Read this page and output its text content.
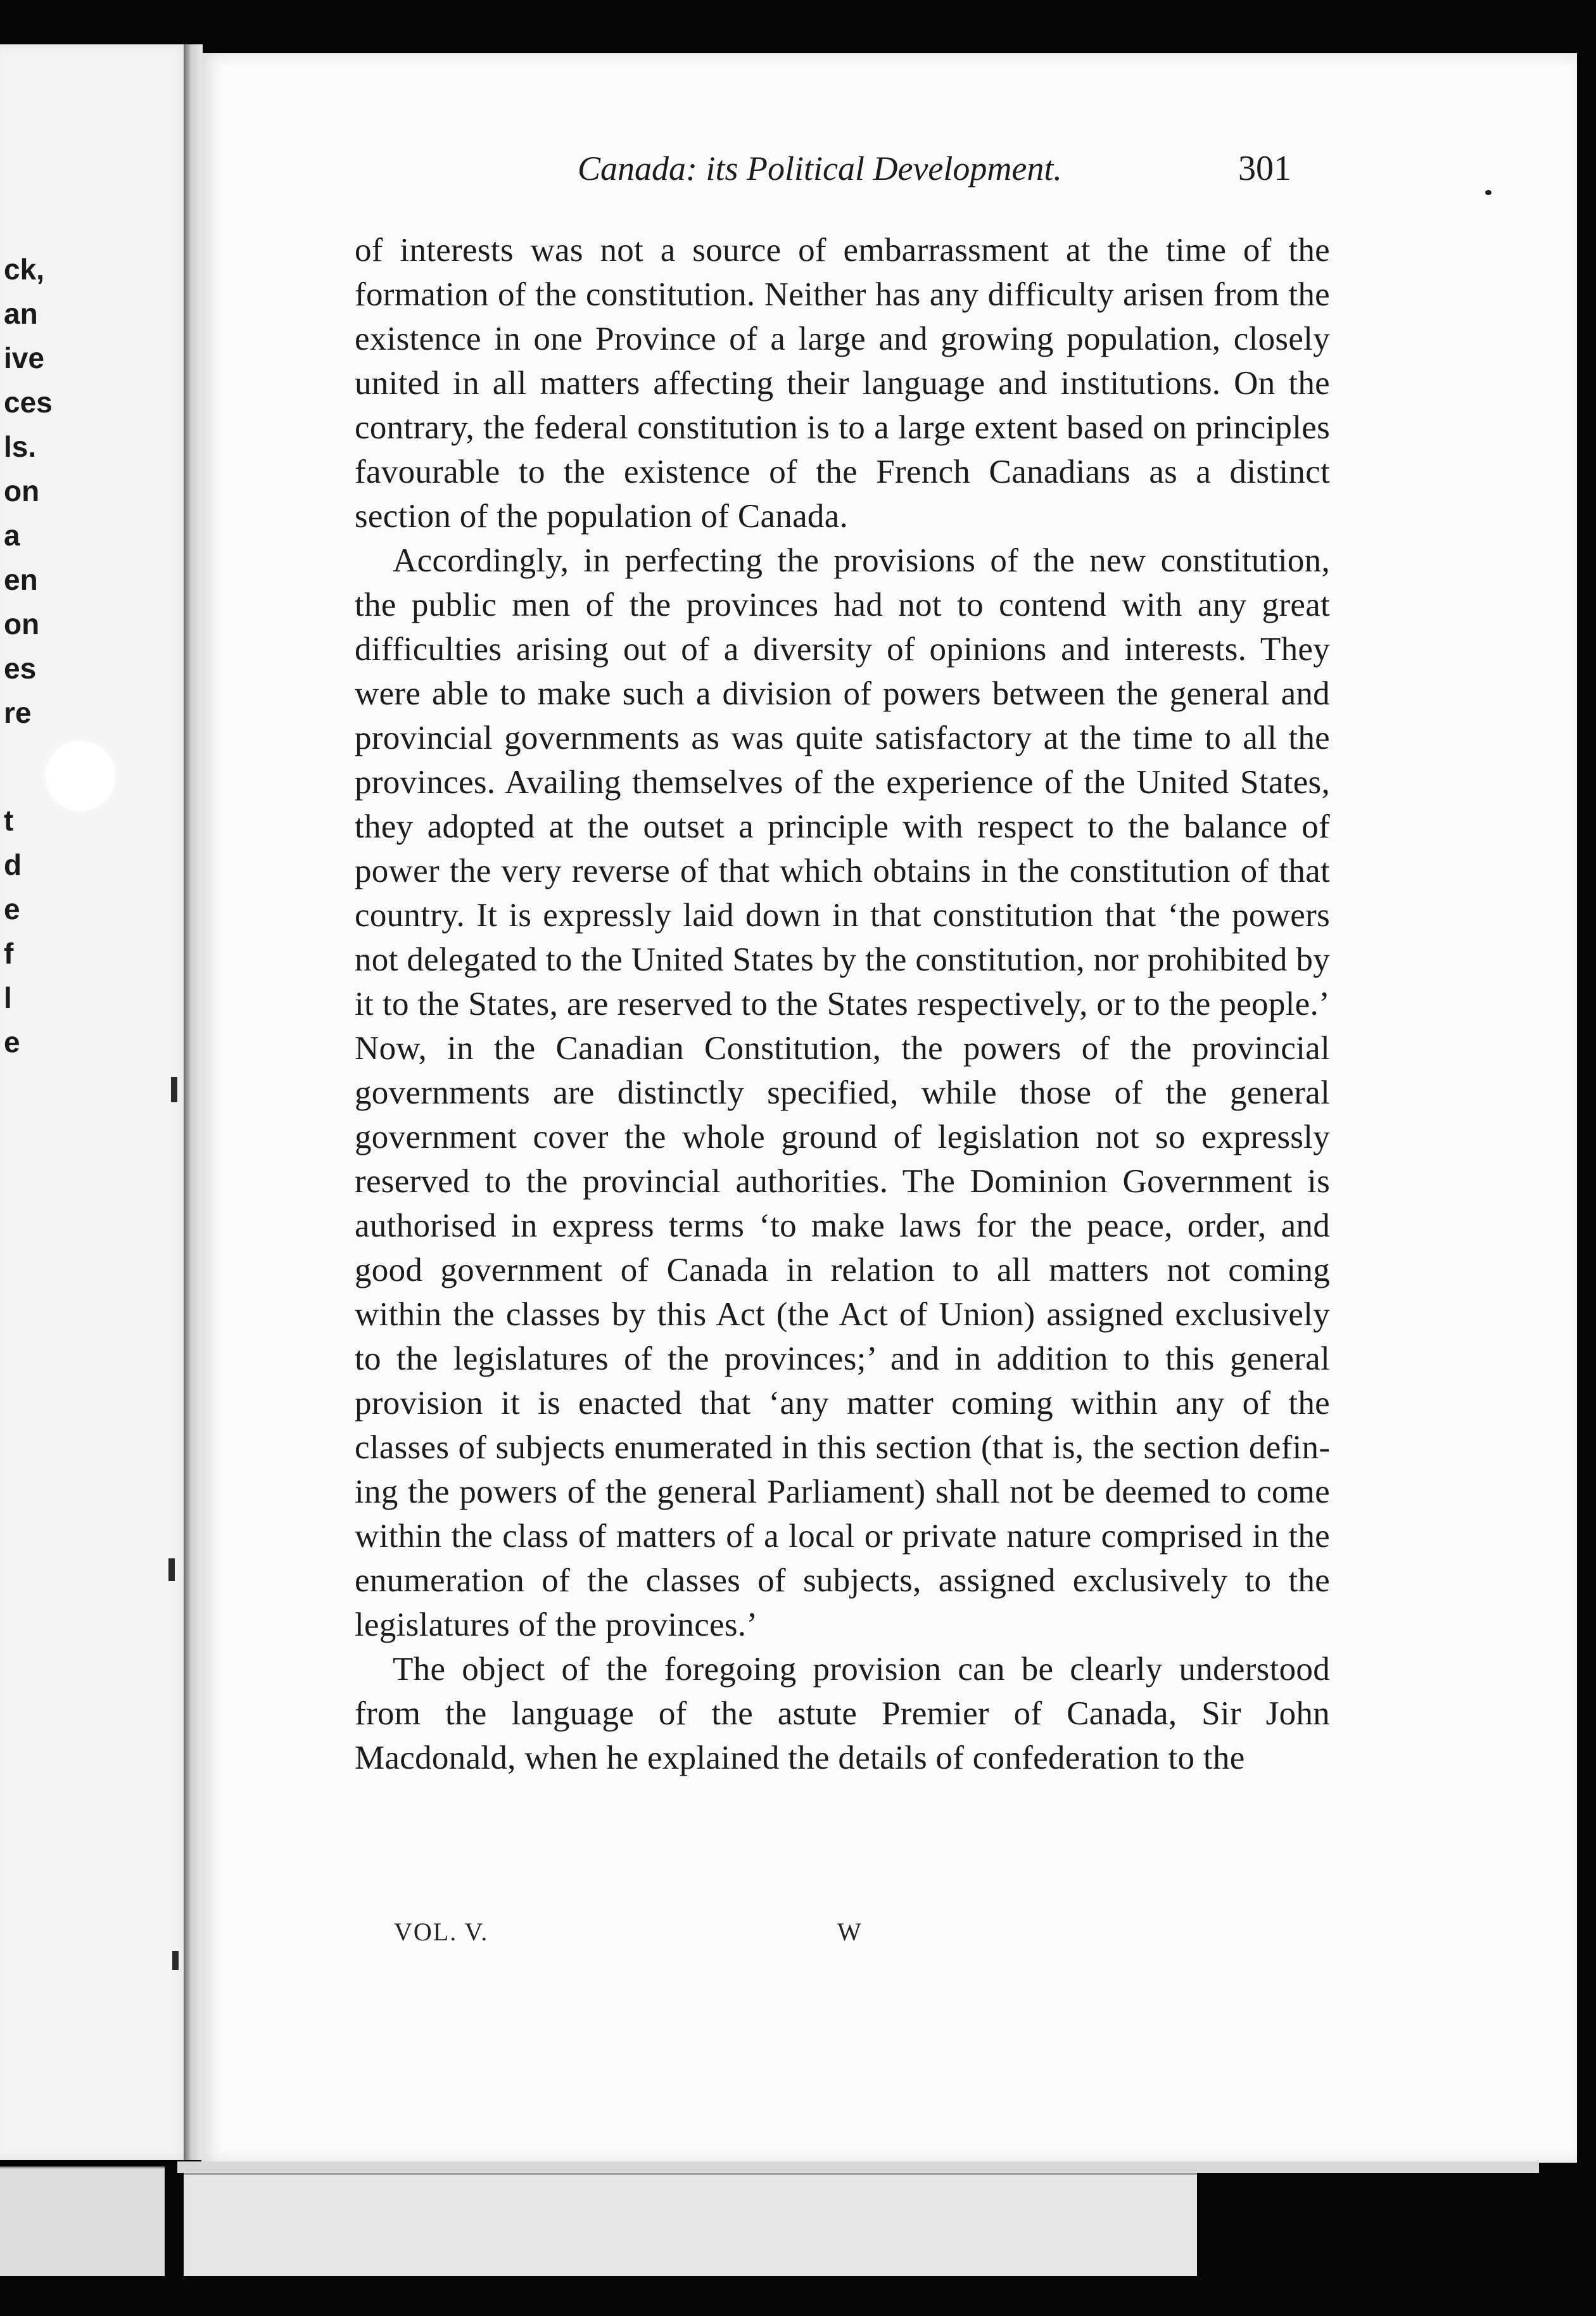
ck,
an
ive
ces
ls.
on
a
en
on
es
re
t
d
e
f
l
e
Canada: its Political Development.	301

of interests was not a source of embarrassment at the time of the formation of the constitution. Neither has any difficulty arisen from the existence in one Province of a large and growing population, closely united in all matters affecting their language and institutions. On the contrary, the federal constitution is to a large extent based on principles favourable to the existence of the French Canadians as a distinct section of the population of Canada.

Accordingly, in perfecting the provisions of the new constitution, the public men of the provinces had not to contend with any great difficulties arising out of a diversity of opinions and interests. They were able to make such a division of powers between the general and provincial governments as was quite satisfactory at the time to all the provinces. Availing themselves of the experience of the United States, they adopted at the outset a principle with respect to the balance of power the very reverse of that which obtains in the constitution of that country. It is expressly laid down in that constitution that ‘the powers not delegated to the United States by the constitution, nor prohibited by it to the States, are reserved to the States respectively, or to the people.’ Now, in the Canadian Constitution, the powers of the provincial governments are distinctly specified, while those of the general government cover the whole ground of legislation not so expressly reserved to the provincial authorities. The Dominion Government is authorised in express terms ‘to make laws for the peace, order, and good government of Canada in relation to all matters not coming within the classes by this Act (the Act of Union) assigned exclusively to the legislatures of the provinces;’ and in addition to this general provision it is enacted that ‘any matter coming within any of the classes of subjects enumerated in this section (that is, the section defining the powers of the general Parliament) shall not be deemed to come within the class of matters of a local or private nature comprised in the enumeration of the classes of subjects, assigned exclusively to the legislatures of the provinces.’

The object of the foregoing provision can be clearly understood from the language of the astute Premier of Canada, Sir John Macdonald, when he explained the details of confederation to the

VOL. V.	W
